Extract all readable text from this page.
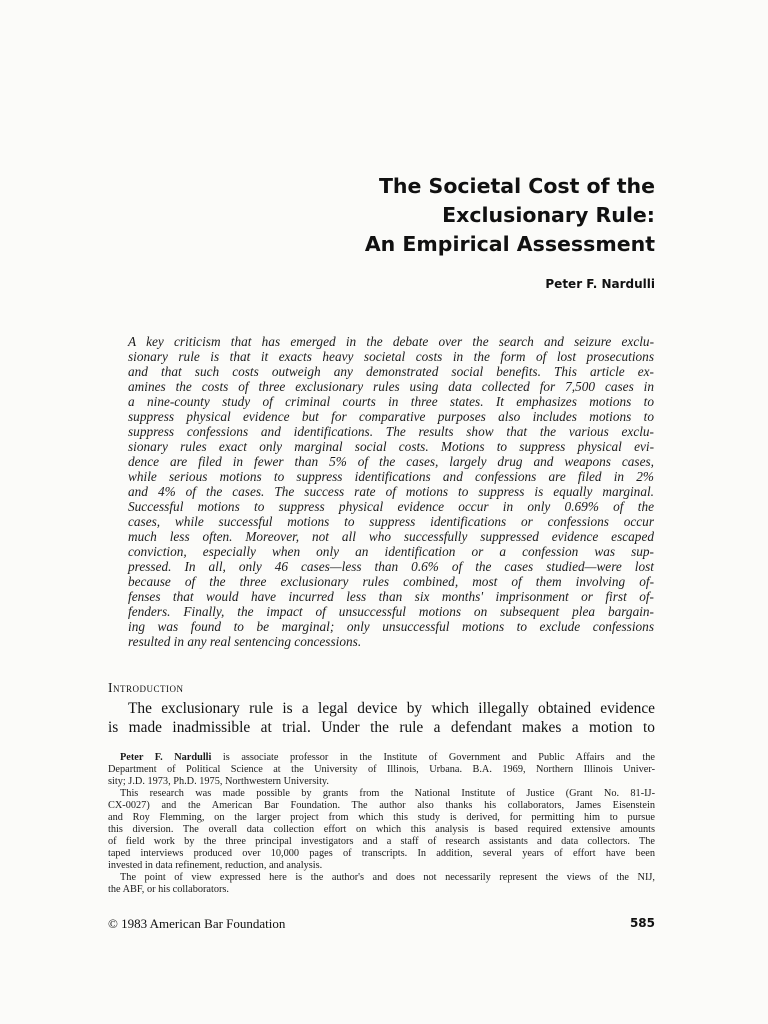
The Societal Cost of the
Exclusionary Rule:
An Empirical Assessment
Peter F. Nardulli
A key criticism that has emerged in the debate over the search and seizure exclu-
sionary rule is that it exacts heavy societal costs in the form of lost prosecutions
and that such costs outweigh any demonstrated social benefits. This article ex-
amines the costs of three exclusionary rules using data collected for 7,500 cases in
a nine-county study of criminal courts in three states. It emphasizes motions to
suppress physical evidence but for comparative purposes also includes motions to
suppress confessions and identifications. The results show that the various exclu-
sionary rules exact only marginal social costs. Motions to suppress physical evi-
dence are filed in fewer than 5% of the cases, largely drug and weapons cases,
while serious motions to suppress identifications and confessions are filed in 2%
and 4% of the cases. The success rate of motions to suppress is equally marginal.
Successful motions to suppress physical evidence occur in only 0.69% of the
cases, while successful motions to suppress identifications or confessions occur
much less often. Moreover, not all who successfully suppressed evidence escaped
conviction, especially when only an identification or a confession was sup-
pressed. In all, only 46 cases—less than 0.6% of the cases studied—were lost
because of the three exclusionary rules combined, most of them involving of-
fenses that would have incurred less than six months' imprisonment or first of-
fenders. Finally, the impact of unsuccessful motions on subsequent plea bargain-
ing was found to be marginal; only unsuccessful motions to exclude confessions
resulted in any real sentencing concessions.
Introduction
The exclusionary rule is a legal device by which illegally obtained evidence
is made inadmissible at trial. Under the rule a defendant makes a motion to
Peter F. Nardulli is associate professor in the Institute of Government and Public Affairs and the
Department of Political Science at the University of Illinois, Urbana. B.A. 1969, Northern Illinois Univer-
sity; J.D. 1973, Ph.D. 1975, Northwestern University.
This research was made possible by grants from the National Institute of Justice (Grant No. 81-IJ-
CX-0027) and the American Bar Foundation. The author also thanks his collaborators, James Eisenstein
and Roy Flemming, on the larger project from which this study is derived, for permitting him to pursue
this diversion. The overall data collection effort on which this analysis is based required extensive amounts
of field work by the three principal investigators and a staff of research assistants and data collectors. The
taped interviews produced over 10,000 pages of transcripts. In addition, several years of effort have been
invested in data refinement, reduction, and analysis.
The point of view expressed here is the author's and does not necessarily represent the views of the NIJ,
the ABF, or his collaborators.
© 1983 American Bar Foundation	585
